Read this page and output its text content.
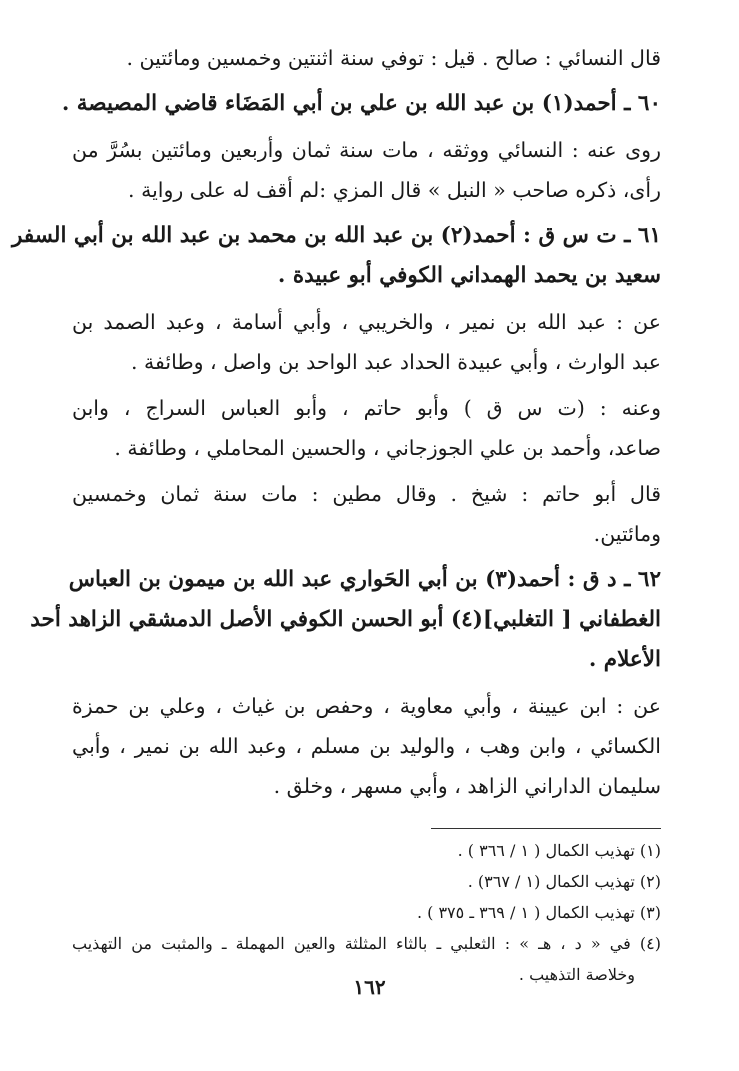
قال النسائي : صالح . قيل : توفي سنة اثنتين وخمسين ومائتين .
٦٠ ـ أحمد(١) بن عبد الله بن علي بن أبي المَضَاء قاضي المصيصة .
روى عنه : النسائي ووثقه ، مات سنة ثمان وأربعين ومائتين بسُرَّ من
رأى، ذكره صاحب « النبل » قال المزي :لم أقف له على رواية .
٦١ ـ ت س ق : أحمد(٢) بن عبد الله بن محمد بن عبد الله بن أبي السفر
سعيد بن يحمد الهمداني الكوفي أبو عبيدة .
عن : عبد الله بن نمير ، والخريبي ، وأبي أسامة ، وعبد الصمد بن
عبد الوارث ، وأبي عبيدة الحداد عبد الواحد بن واصل ، وطائفة .
وعنه : (ت س ق ) وأبو حاتم ، وأبو العباس السراج ، وابن
صاعد، وأحمد بن علي الجوزجاني ، والحسين المحاملي ، وطائفة .
قال أبو حاتم : شيخ . وقال مطين : مات سنة ثمان وخمسين
ومائتين.
٦٢ ـ د ق : أحمد(٣) بن أبي الحَواري عبد الله بن ميمون بن العباس
الغطفاني [ التغلبي](٤) أبو الحسن الكوفي الأصل الدمشقي الزاهد أحد
الأعلام .
عن : ابن عيينة ، وأبي معاوية ، وحفص بن غياث ، وعلي بن حمزة
الكسائي ، وابن وهب ، والوليد بن مسلم ، وعبد الله بن نمير ، وأبي
سليمان الداراني الزاهد ، وأبي مسهر ، وخلق .
(١) تهذيب الكمال ( ١ / ٣٦٦ ) .
(٢) تهذيب الكمال (١ / ٣٦٧) .
(٣) تهذيب الكمال ( ١ / ٣٦٩ ـ ٣٧٥ ) .
(٤) في « د ، هـ » : الثعلبي ـ بالثاء المثلثة والعين المهملة ـ والمثبت من التهذيب
وخلاصة التذهيب .
١٦٢
